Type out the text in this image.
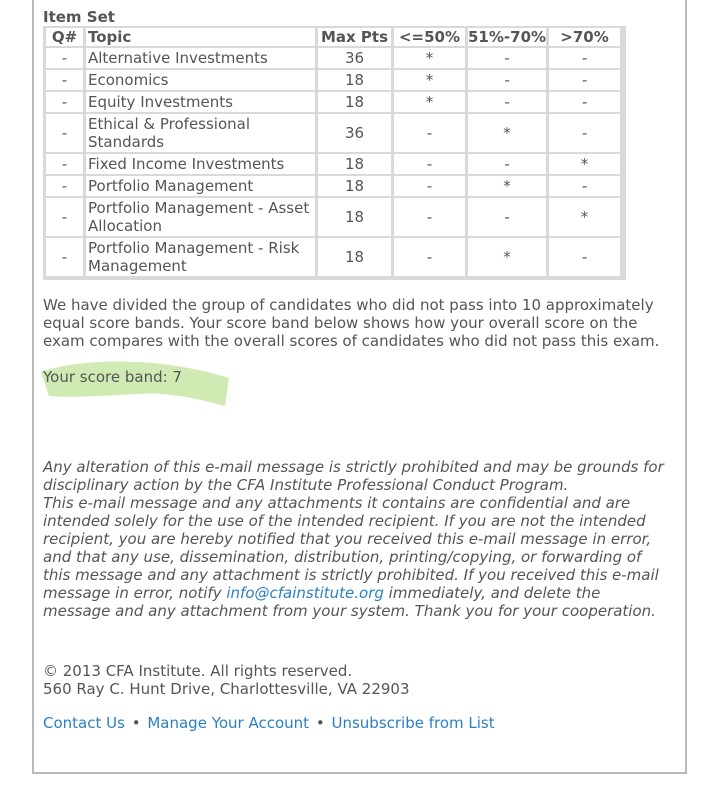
Item Set
Q#	Topic	Max Pts	<=50%	51%-70%	>70%
-	Alternative Investments	36	*	-	-
-	Economics	18	*	-	-
-	Equity Investments	18	*	-	-
-	Ethical & Professional Standards	36	-	*	-
-	Fixed Income Investments	18	-	-	*
-	Portfolio Management	18	-	*	-
-	Portfolio Management - Asset Allocation	18	-	-	*
-	Portfolio Management - Risk Management	18	-	*	-
We have divided the group of candidates who did not pass into 10 approximately equal score bands. Your score band below shows how your overall score on the exam compares with the overall scores of candidates who did not pass this exam.
Your score band: 7
Any alteration of this e-mail message is strictly prohibited and may be grounds for disciplinary action by the CFA Institute Professional Conduct Program.
This e-mail message and any attachments it contains are confidential and are intended solely for the use of the intended recipient. If you are not the intended recipient, you are hereby notified that you received this e-mail message in error, and that any use, dissemination, distribution, printing/copying, or forwarding of this message and any attachment is strictly prohibited. If you received this e-mail message in error, notify info@cfainstitute.org immediately, and delete the message and any attachment from your system. Thank you for your cooperation.
© 2013 CFA Institute. All rights reserved.
560 Ray C. Hunt Drive, Charlottesville, VA 22903
Contact Us • Manage Your Account • Unsubscribe from List
